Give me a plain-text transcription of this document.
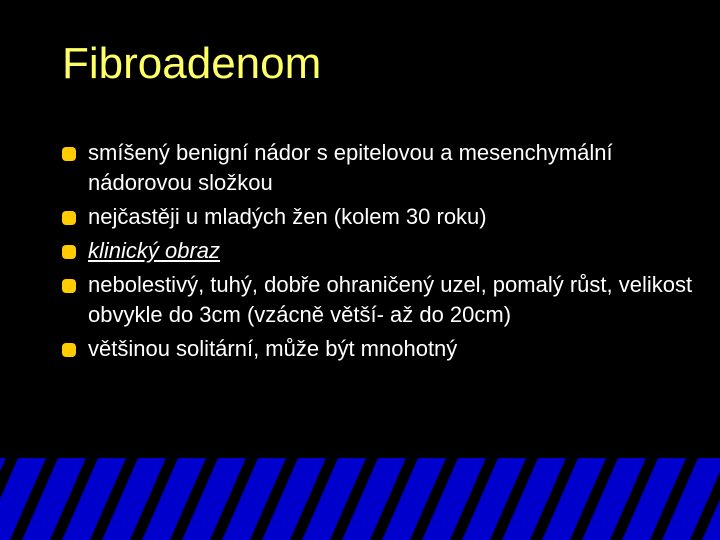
Fibroadenom
smíšený benigní nádor s epitelovou a mesenchymální nádorovou složkou
nejčastěji u mladých žen (kolem 30 roku)
klinický obraz
nebolestivý, tuhý, dobře ohraničený uzel, pomalý růst, velikost obvykle do 3cm (vzácně větší- až do 20cm)
většinou solitární, může být mnohotný
